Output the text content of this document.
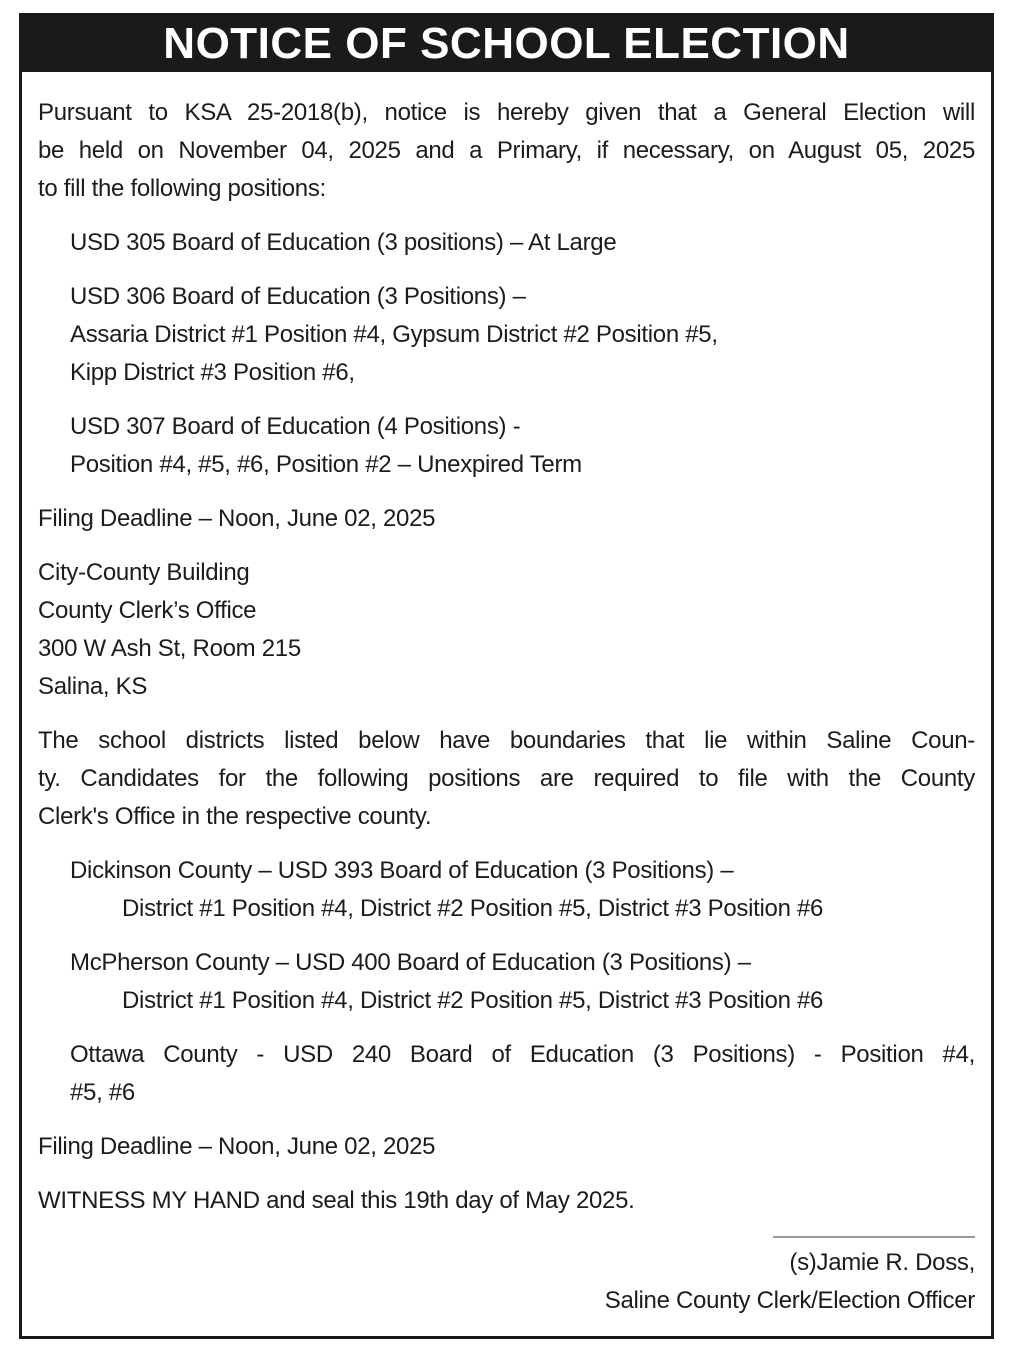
NOTICE OF SCHOOL ELECTION
Pursuant to KSA 25-2018(b), notice is hereby given that a General Election will
be held on November 04, 2025 and a Primary, if necessary, on August 05, 2025
to fill the following positions:
USD 305 Board of Education (3 positions) – At Large
USD 306 Board of Education (3 Positions) –
Assaria District #1 Position #4, Gypsum District #2 Position #5,
Kipp District #3 Position #6,
USD 307 Board of Education (4 Positions) -
Position #4, #5, #6, Position #2 – Unexpired Term
Filing Deadline – Noon, June 02, 2025
City-County Building
County Clerk’s Office
300 W Ash St, Room 215
Salina, KS
The school districts listed below have boundaries that lie within Saline Coun-
ty. Candidates for the following positions are required to file with the County
Clerk's Office in the respective county.
Dickinson County – USD 393 Board of Education (3 Positions) –
District #1 Position #4, District #2 Position #5, District #3 Position #6
McPherson County – USD 400 Board of Education (3 Positions) –
District #1 Position #4, District #2 Position #5, District #3 Position #6
Ottawa County - USD 240 Board of Education (3 Positions) - Position #4,
#5, #6
Filing Deadline – Noon, June 02, 2025
WITNESS MY HAND and seal this 19th day of May 2025.
(s)Jamie R. Doss,
Saline County Clerk/Election Officer
